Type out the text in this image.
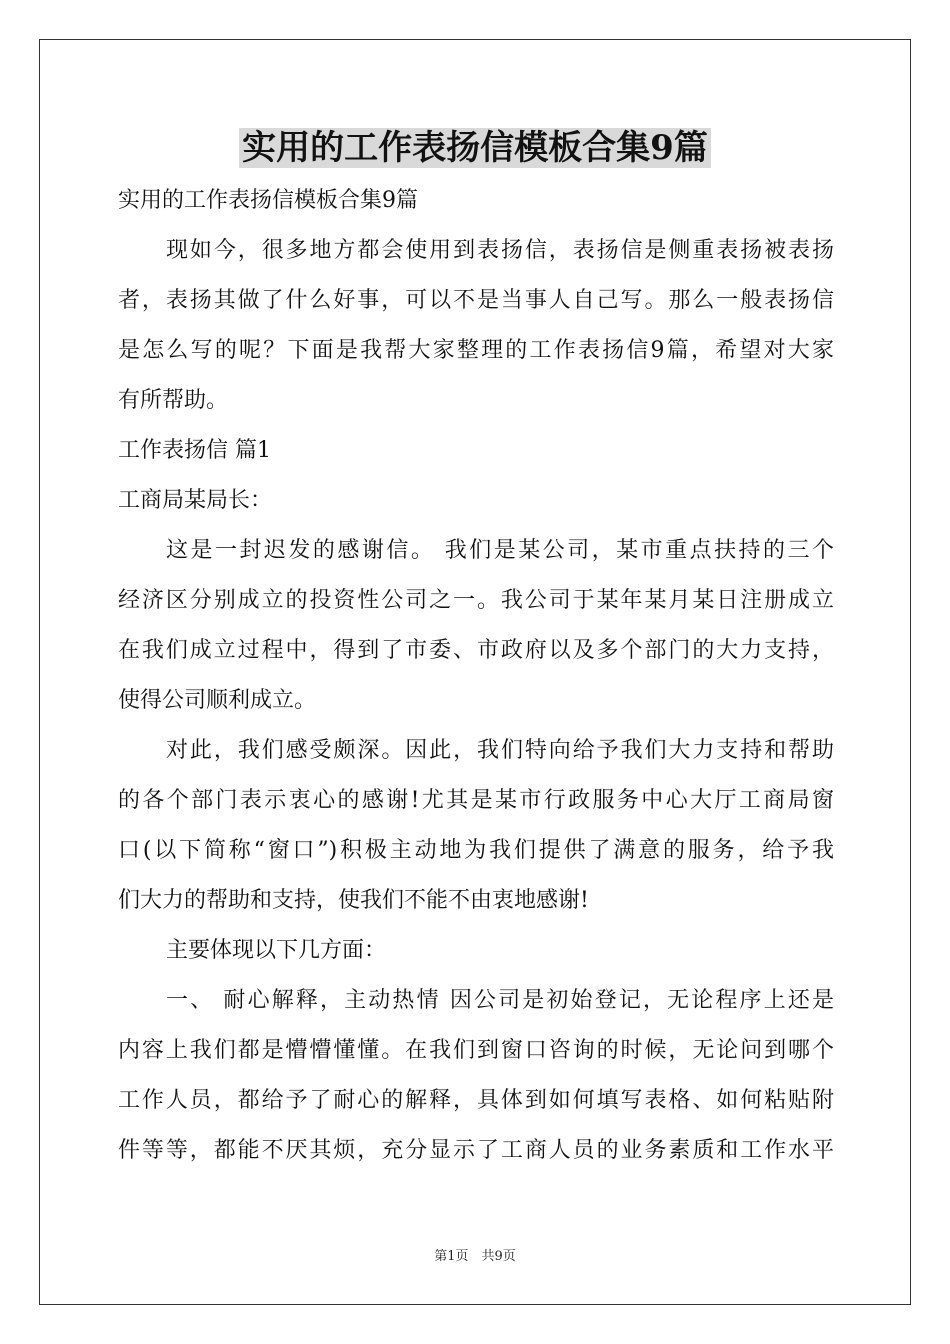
实用的工作表扬信模板合集9篇

实用的工作表扬信模板合集9篇

现如今，很多地方都会使用到表扬信，表扬信是侧重表扬被表扬

者，表扬其做了什么好事，可以不是当事人自己写。那么一般表扬信

是怎么写的呢？下面是我帮大家整理的工作表扬信9篇，希望对大家

有所帮助。

工作表扬信 篇1

工商局某局长：

这是一封迟发的感谢信。 我们是某公司，某市重点扶持的三个

经济区分别成立的投资性公司之一。我公司于某年某月某日注册成立

在我们成立过程中，得到了市委、市政府以及多个部门的大力支持，

使得公司顺利成立。

对此，我们感受颇深。因此，我们特向给予我们大力支持和帮助

的各个部门表示衷心的感谢!尤其是某市行政服务中心大厅工商局窗

口(以下简称“窗口”)积极主动地为我们提供了满意的服务，给予我

们大力的帮助和支持，使我们不能不由衷地感谢!

主要体现以下几方面：

一、 耐心解释，主动热情 因公司是初始登记，无论程序上还是

内容上我们都是懵懵懂懂。在我们到窗口咨询的时候，无论问到哪个

工作人员，都给予了耐心的解释，具体到如何填写表格、如何粘贴附

件等等，都能不厌其烦，充分显示了工商人员的业务素质和工作水平

第1页　共9页
